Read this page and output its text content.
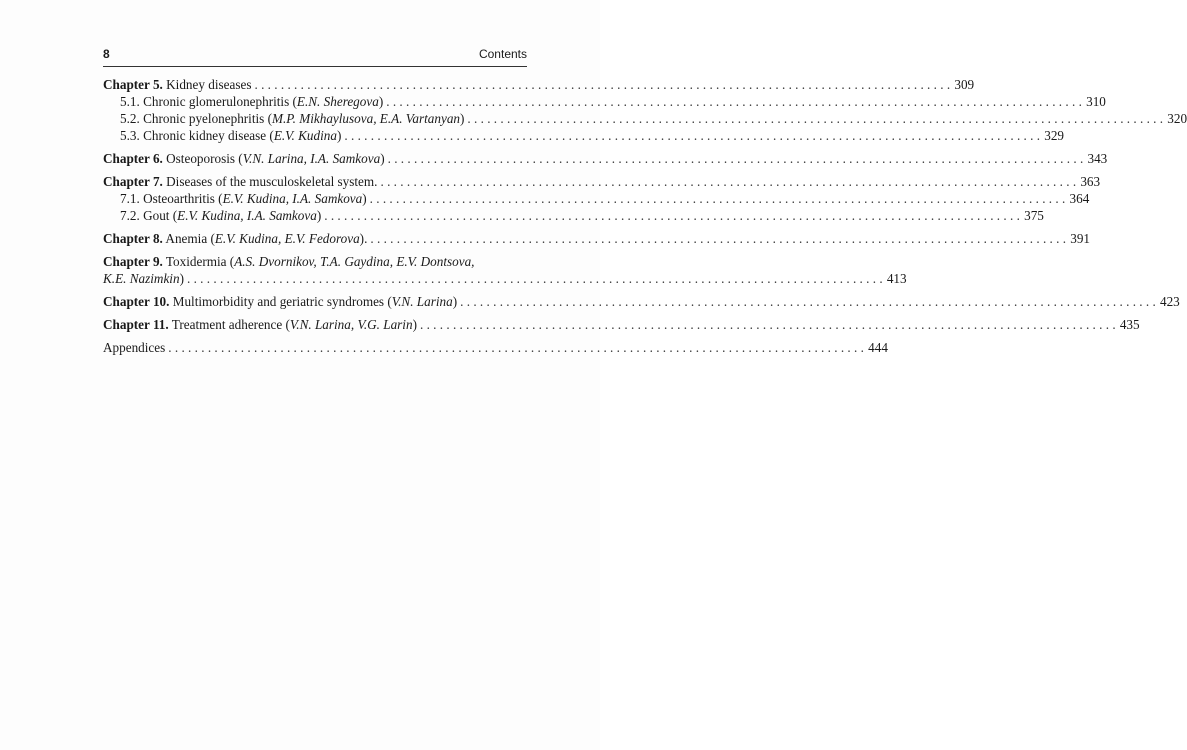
8	Contents
Chapter 5. Kidney diseases . . .	309
5.1. Chronic glomerulonephritis (E.N. Sheregova) . . .	310
5.2. Chronic pyelonephritis (M.P. Mikhaylusova, E.A. Vartanyan) . . .	320
5.3. Chronic kidney disease (E.V. Kudina) . . .	329
Chapter 6. Osteoporosis (V.N. Larina, I.A. Samkova) . . .	343
Chapter 7. Diseases of the musculoskeletal system. . . .	363
7.1. Osteoarthritis (E.V. Kudina, I.A. Samkova) . . .	364
7.2. Gout (E.V. Kudina, I.A. Samkova) . . .	375
Chapter 8. Anemia (E.V. Kudina, E.V. Fedorova). . . .	391
Chapter 9. Toxidermia (A.S. Dvornikov, T.A. Gaydina, E.V. Dontsova,
K.E. Nazimkin) . . .	413
Chapter 10. Multimorbidity and geriatric syndromes (V.N. Larina) . . .	423
Chapter 11. Treatment adherence (V.N. Larina, V.G. Larin) . . .	435
Appendices . . .	444
